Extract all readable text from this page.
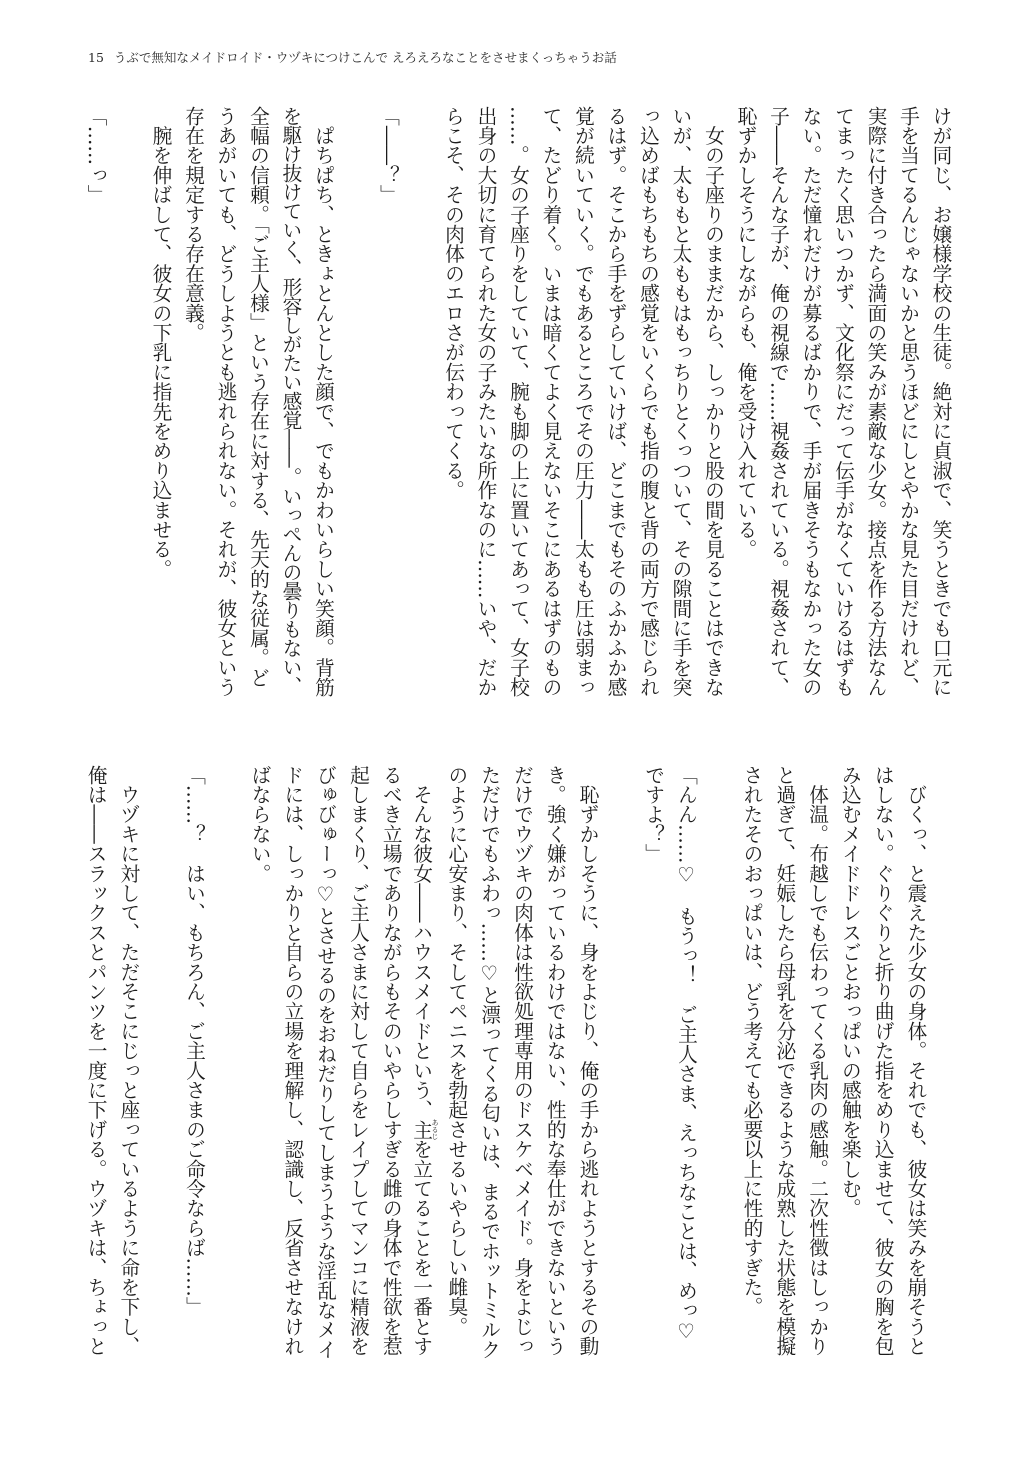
15 うぶで無知なメイドロイド・ウヅキにつけこんで えろえろなことをさせまくっちゃうお話
けが同じ、お嬢様学校の生徒。絶対に貞淑で、笑うときでも口元に
手を当てるんじゃないかと思うほどにしとやかな見た目だけれど、
実際に付き合ったら満面の笑みが素敵な少女。接点を作る方法なん
てまったく思いつかず、文化祭にだって伝手がなくていけるはずも
ない。ただ憧れだけが募るばかりで、手が届きそうもなかった女の
子――そんな子が、俺の視線で……視姦されている。視姦されて、
恥ずかしそうにしながらも、俺を受け入れている。
　女の子座りのままだから、しっかりと股の間を見ることはできな
いが、太ももと太ももはもっちりとくっついて、その隙間に手を突
っ込めばもちもちの感覚をいくらでも指の腹と背の両方で感じられ
るはず。そこから手をずらしていけば、どこまでもそのふかふか感
覚が続いていく。でもあるところでその圧力――太もも圧は弱まっ
て、たどり着く。いまは暗くてよく見えないそこにあるはずのもの
……。女の子座りをしていて、腕も脚の上に置いてあって、女子校
出身の大切に育てられた女の子みたいな所作なのに……いや、だか
らこそ、その肉体のエロさが伝わってくる。
「――？」
　ぱちぱち、ときょとんとした顔で、でもかわいらしい笑顔。背筋
を駆け抜けていく、形容しがたい感覚――。いっぺんの曇りもない、
全幅の信頼。「ご主人様」という存在に対する、先天的な従属。ど
うあがいても、どうしようとも逃れられない。それが、彼女という
存在を規定する存在意義。
　腕を伸ばして、彼女の下乳に指先をめり込ませる。
「……っ」
　びくっ、と震えた少女の身体。それでも、彼女は笑みを崩そうと
はしない。ぐりぐりと折り曲げた指をめり込ませて、彼女の胸を包
み込むメイドドレスごとおっぱいの感触を楽しむ。
　体温。布越しでも伝わってくる乳肉の感触。二次性徴はしっかり
と過ぎて、妊娠したら母乳を分泌できるような成熟した状態を模擬
されたそのおっぱいは、どう考えても必要以上に性的すぎた。
「んん……♡　もうっ！　ご主人さま、えっちなことは、めっ♡
ですよ？」
　恥ずかしそうに、身をよじり、俺の手から逃れようとするその動
き。強く嫌がっているわけではない、性的な奉仕ができないという
だけでウヅキの肉体は性欲処理専用のドスケベメイド。身をよじっ
ただけでもふわっ……♡と漂ってくる匂いは、まるでホットミルク
のように心安まり、そしてペニスを勃起させるいやらしい雌臭。
　そんな彼女――ハウスメイドという、主あるじを立てることを一番とす
るべき立場でありながらもそのいやらしすぎる雌の身体で性欲を惹
起しまくり、ご主人さまに対して自らをレイプしてマンコに精液を
びゅびゅーっ♡とさせるのをおねだりしてしまうような淫乱なメイ
ドには、しっかりと自らの立場を理解し、認識し、反省させなけれ
ばならない。
「……？　はい、もちろん、ご主人さまのご命令ならば……」
　ウヅキに対して、ただそこにじっと座っているように命を下し、
俺は――スラックスとパンツを一度に下げる。ウヅキは、ちょっと
